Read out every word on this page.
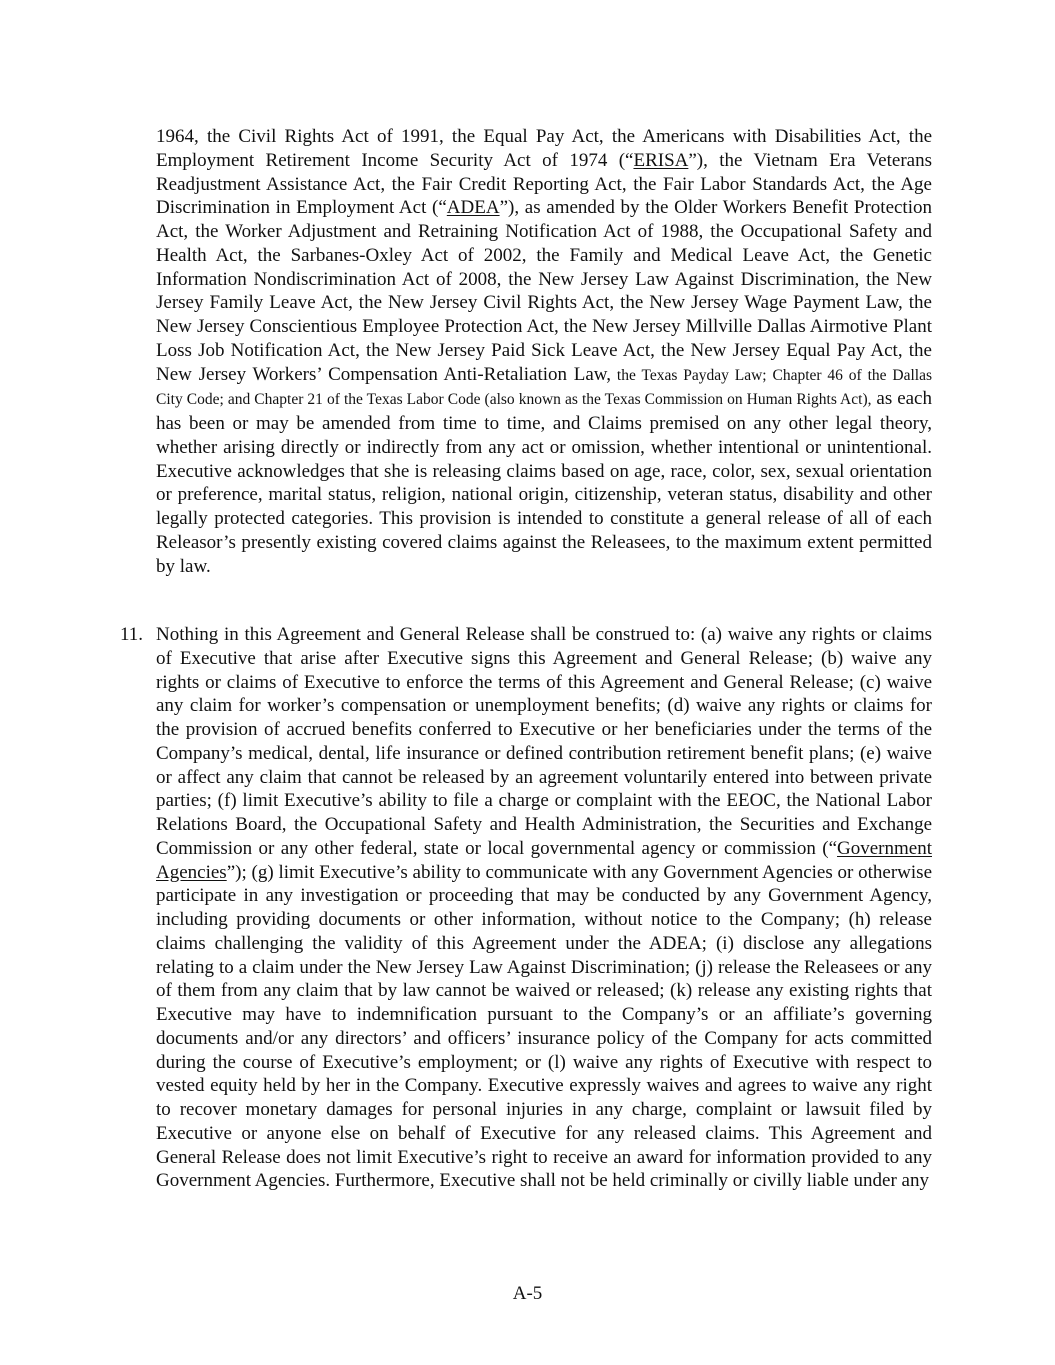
1964, the Civil Rights Act of 1991, the Equal Pay Act, the Americans with Disabilities Act, the Employment Retirement Income Security Act of 1974 (“ERISA”), the Vietnam Era Veterans Readjustment Assistance Act, the Fair Credit Reporting Act, the Fair Labor Standards Act, the Age Discrimination in Employment Act (“ADEA”), as amended by the Older Workers Benefit Protection Act, the Worker Adjustment and Retraining Notification Act of 1988, the Occupational Safety and Health Act, the Sarbanes-Oxley Act of 2002, the Family and Medical Leave Act, the Genetic Information Nondiscrimination Act of 2008, the New Jersey Law Against Discrimination, the New Jersey Family Leave Act, the New Jersey Civil Rights Act, the New Jersey Wage Payment Law, the New Jersey Conscientious Employee Protection Act, the New Jersey Millville Dallas Airmotive Plant Loss Job Notification Act, the New Jersey Paid Sick Leave Act, the New Jersey Equal Pay Act, the New Jersey Workers’ Compensation Anti-Retaliation Law, the Texas Payday Law; Chapter 46 of the Dallas City Code; and Chapter 21 of the Texas Labor Code (also known as the Texas Commission on Human Rights Act), as each has been or may be amended from time to time, and Claims premised on any other legal theory, whether arising directly or indirectly from any act or omission, whether intentional or unintentional. Executive acknowledges that she is releasing claims based on age, race, color, sex, sexual orientation or preference, marital status, religion, national origin, citizenship, veteran status, disability and other legally protected categories. This provision is intended to constitute a general release of all of each Releasor’s presently existing covered claims against the Releasees, to the maximum extent permitted by law.

11. Nothing in this Agreement and General Release shall be construed to: (a) waive any rights or claims of Executive that arise after Executive signs this Agreement and General Release; (b) waive any rights or claims of Executive to enforce the terms of this Agreement and General Release; (c) waive any claim for worker’s compensation or unemployment benefits; (d) waive any rights or claims for the provision of accrued benefits conferred to Executive or her beneficiaries under the terms of the Company’s medical, dental, life insurance or defined contribution retirement benefit plans; (e) waive or affect any claim that cannot be released by an agreement voluntarily entered into between private parties; (f) limit Executive’s ability to file a charge or complaint with the EEOC, the National Labor Relations Board, the Occupational Safety and Health Administration, the Securities and Exchange Commission or any other federal, state or local governmental agency or commission (“Government Agencies”); (g) limit Executive’s ability to communicate with any Government Agencies or otherwise participate in any investigation or proceeding that may be conducted by any Government Agency, including providing documents or other information, without notice to the Company; (h) release claims challenging the validity of this Agreement under the ADEA; (i) disclose any allegations relating to a claim under the New Jersey Law Against Discrimination; (j) release the Releasees or any of them from any claim that by law cannot be waived or released; (k) release any existing rights that Executive may have to indemnification pursuant to the Company’s or an affiliate’s governing documents and/or any directors’ and officers’ insurance policy of the Company for acts committed during the course of Executive’s employment; or (l) waive any rights of Executive with respect to vested equity held by her in the Company. Executive expressly waives and agrees to waive any right to recover monetary damages for personal injuries in any charge, complaint or lawsuit filed by Executive or anyone else on behalf of Executive for any released claims. This Agreement and General Release does not limit Executive’s right to receive an award for information provided to any Government Agencies. Furthermore, Executive shall not be held criminally or civilly liable under any

A-5
